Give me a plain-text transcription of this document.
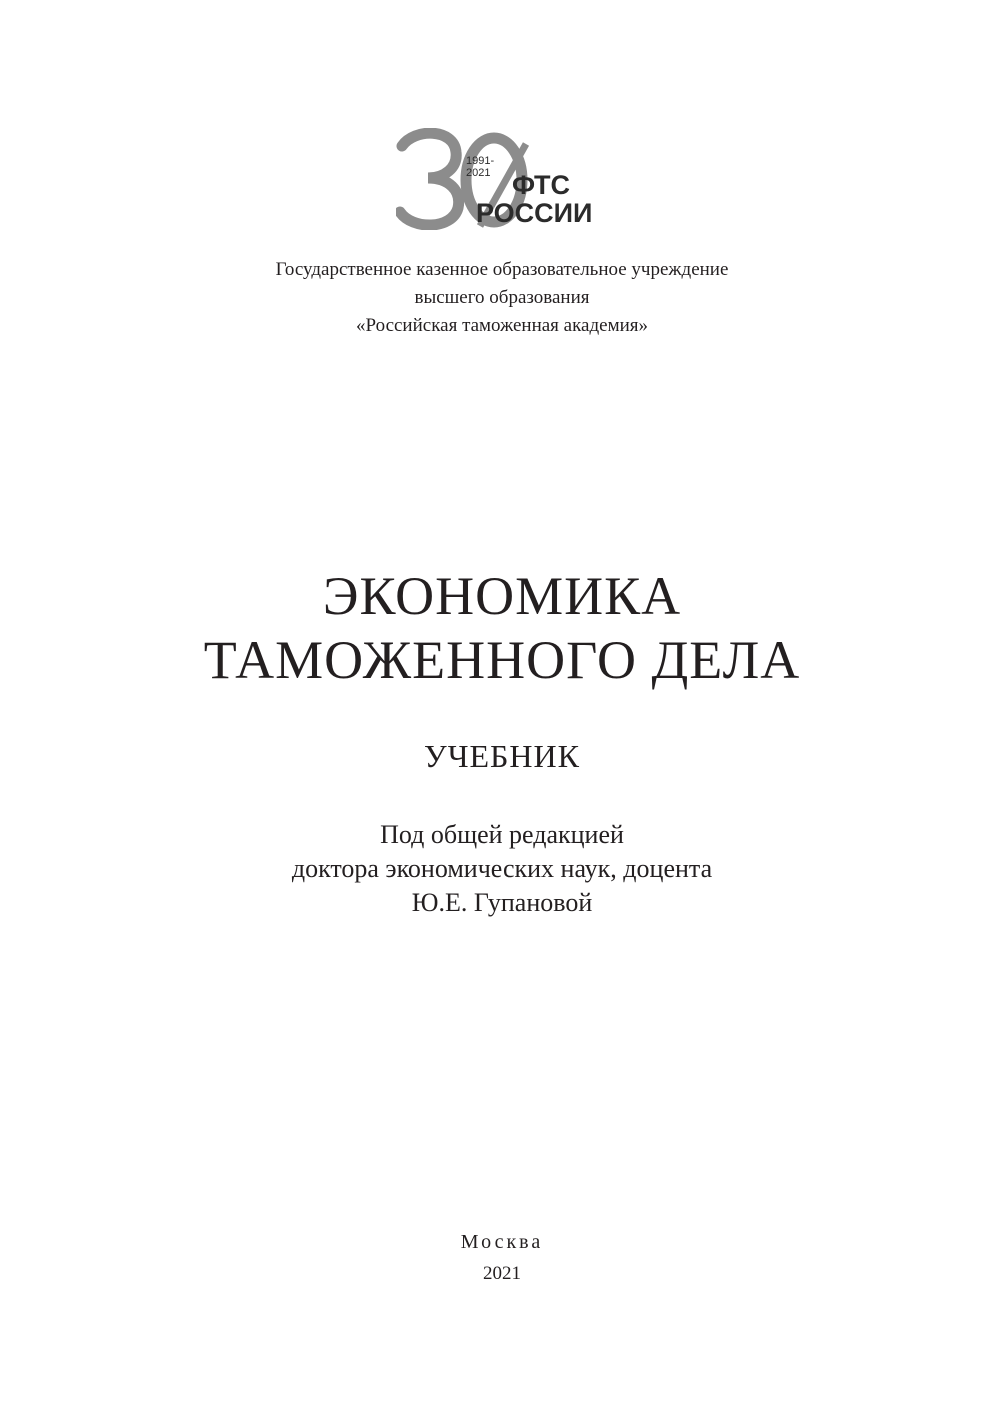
1991-
2021 ФТС
РОССИИ
Государственное казенное образовательное учреждение
высшего образования
«Российская таможенная академия»
ЭКОНОМИКА
ТАМОЖЕННОГО ДЕЛА
УЧЕБНИК
Под общей редакцией
доктора экономических наук, доцента
Ю.Е. Гупановой
Москва
2021
